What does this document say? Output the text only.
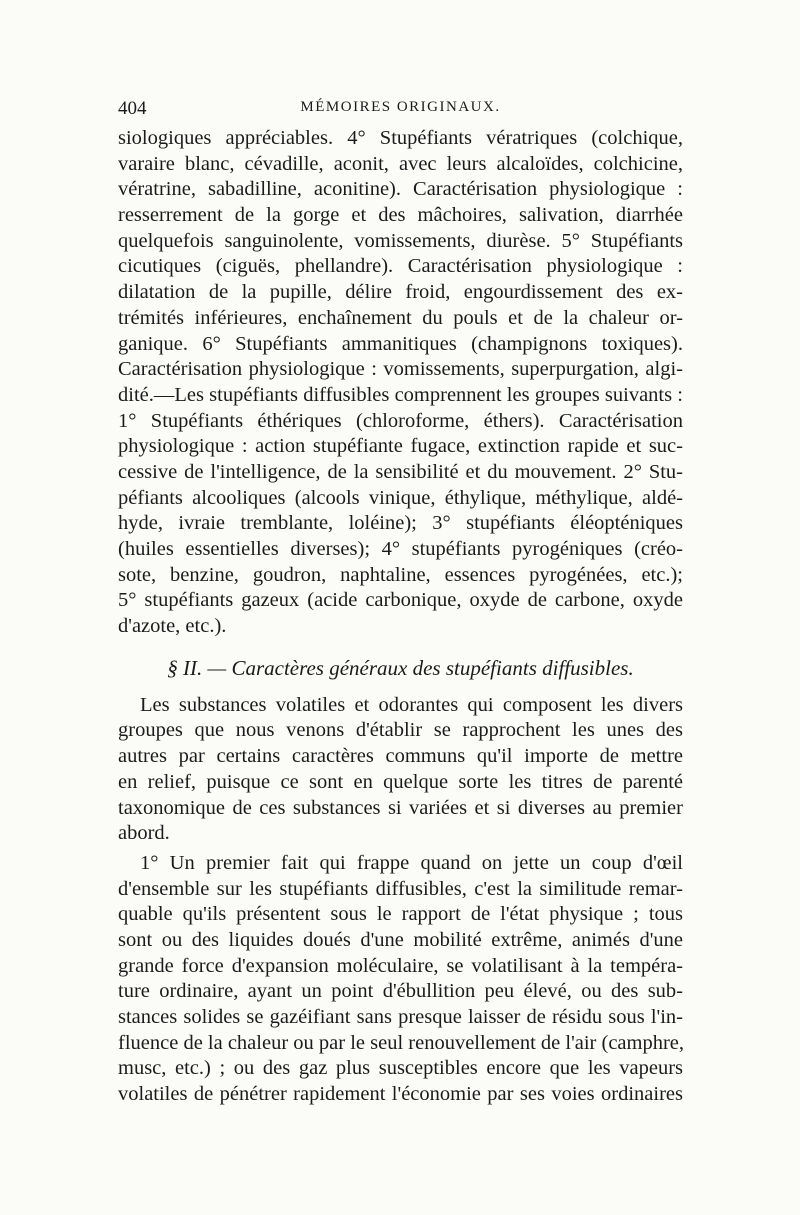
404	MÉMOIRES ORIGINAUX.
siologiques appréciables. 4° Stupéfiants vératriques (colchique,
varaire blanc, cévadille, aconit, avec leurs alcaloïdes, colchicine,
vératrine, sabadilline, aconitine). Caractérisation physiologique :
resserrement de la gorge et des mâchoires, salivation, diarrhée
quelquefois sanguinolente, vomissements, diurèse. 5° Stupéfiants
cicutiques (ciguës, phellandre). Caractérisation physiologique :
dilatation de la pupille, délire froid, engourdissement des ex-
trémités inférieures, enchaînement du pouls et de la chaleur or-
ganique. 6° Stupéfiants ammanitiques (champignons toxiques).
Caractérisation physiologique : vomissements, superpurgation, algi-
dité.—Les stupéfiants diffusibles comprennent les groupes suivants :
1° Stupéfiants éthériques (chloroforme, éthers). Caractérisation
physiologique : action stupéfiante fugace, extinction rapide et suc-
cessive de l'intelligence, de la sensibilité et du mouvement. 2° Stu-
péfiants alcooliques (alcools vinique, éthylique, méthylique, aldé-
hyde, ivraie tremblante, loléine); 3° stupéfiants éléopténiques
(huiles essentielles diverses); 4° stupéfiants pyrogéniques (créo-
sote, benzine, goudron, naphtaline, essences pyrogénées, etc.);
5° stupéfiants gazeux (acide carbonique, oxyde de carbone, oxyde
d'azote, etc.).
§ II. — Caractères généraux des stupéfiants diffusibles.
Les substances volatiles et odorantes qui composent les divers
groupes que nous venons d'établir se rapprochent les unes des
autres par certains caractères communs qu'il importe de mettre
en relief, puisque ce sont en quelque sorte les titres de parenté
taxonomique de ces substances si variées et si diverses au premier
abord.
1° Un premier fait qui frappe quand on jette un coup d'œil
d'ensemble sur les stupéfiants diffusibles, c'est la similitude remar-
quable qu'ils présentent sous le rapport de l'état physique ; tous
sont ou des liquides doués d'une mobilité extrême, animés d'une
grande force d'expansion moléculaire, se volatilisant à la tempéra-
ture ordinaire, ayant un point d'ébullition peu élevé, ou des sub-
stances solides se gazéifiant sans presque laisser de résidu sous l'in-
fluence de la chaleur ou par le seul renouvellement de l'air (camphre,
musc, etc.) ; ou des gaz plus susceptibles encore que les vapeurs
volatiles de pénétrer rapidement l'économie par ses voies ordinaires
